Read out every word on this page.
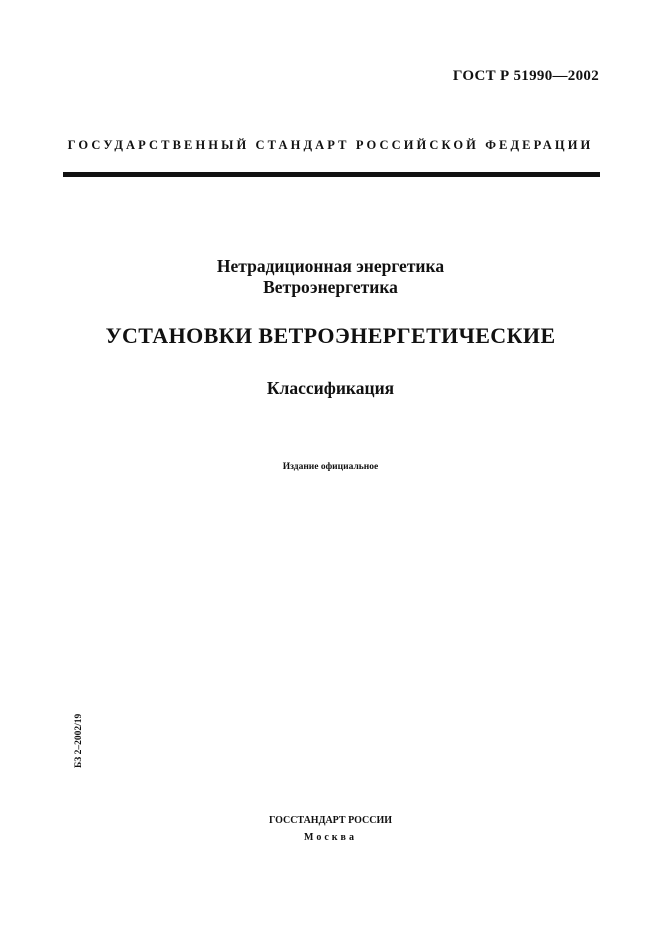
ГОСТ Р 51990—2002
ГОСУДАРСТВЕННЫЙ СТАНДАРТ РОССИЙСКОЙ ФЕДЕРАЦИИ
Нетрадиционная энергетика
Ветроэнергетика
УСТАНОВКИ ВЕТРОЭНЕРГЕТИЧЕСКИЕ
Классификация
Издание официальное
БЗ 2–2002/19
ГОССТАНДАРТ РОССИИ
Москва
